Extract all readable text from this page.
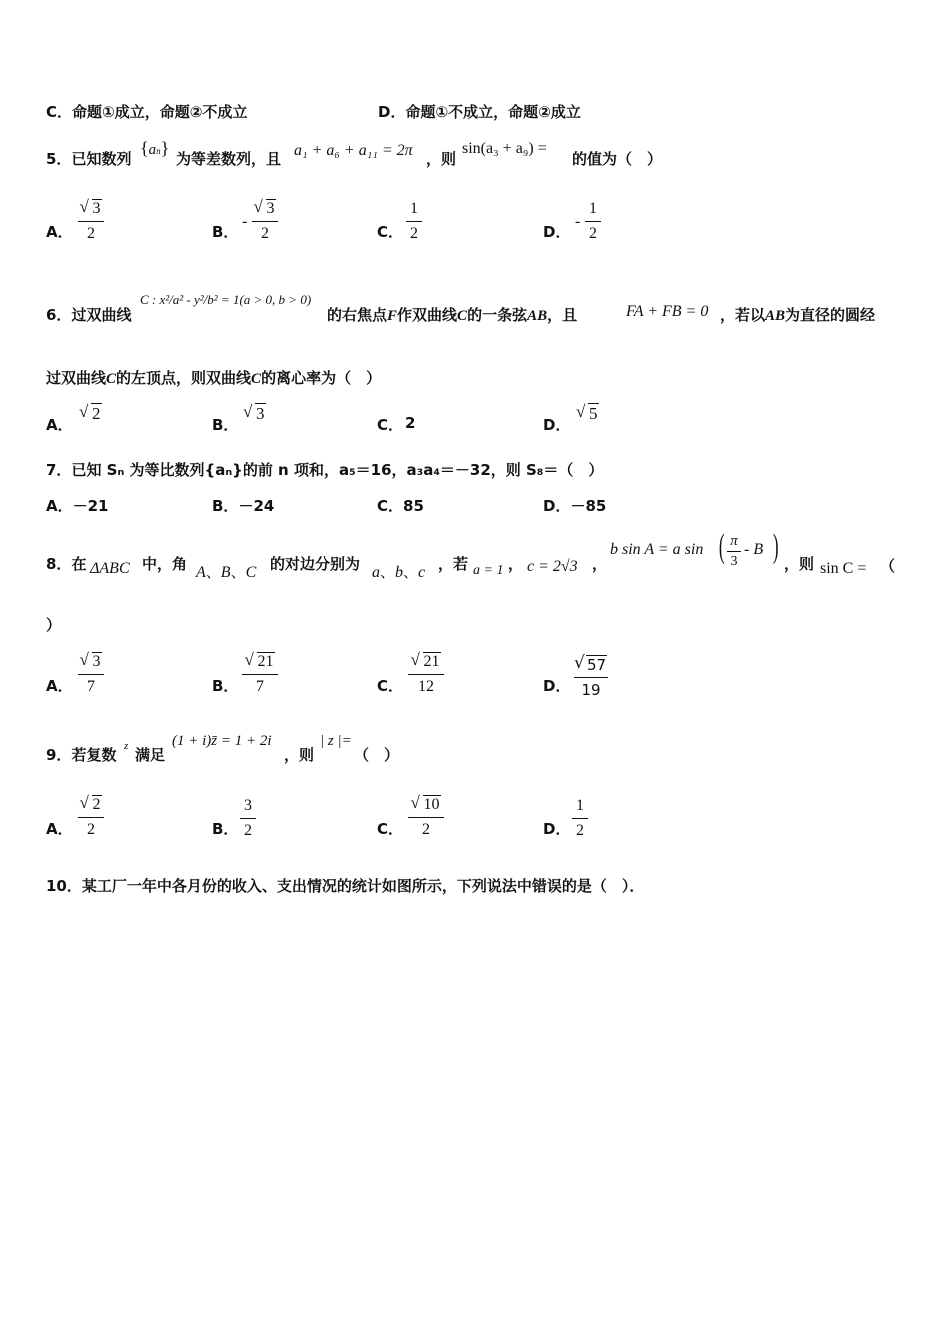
C．命题①成立，命题②不成立	D．命题①不成立，命题②成立
5．已知数列
{an}
为等差数列，且 a₁ + a₆ + a₁₁ = 2π ，则
sin(a₃ + a₉) =
的值为（　）
A．
√ 3
2	B．
-
√ 3
2	C．
1
2	D．
-
1
2
6．过双曲线
C : x²/a² - y²/b² = 1(a > 0, b > 0)
的右焦点F作双曲线C的一条弦AB，且	FA + FB = 0 ，若以AB为直径的圆经
过双曲线C的左顶点，则双曲线C的离心率为（　）
A．
√ 2
B．
√ 3
C． 2	D．
√ 5
7．已知 Sₙ 为等比数列{aₙ}的前 n 项和，a₅＝16，a₃a₄＝－32，则 S₈＝（　）
A．－21	B．－24	C．85	D．－85
8．在 ΔABC 中，角 A、B、C 的对边分别为 a、b、c ，若 a = 1 ， c = 2√3 ，
b sin A = a sin ( π
3
- B ) ，则 sin C = （
）
A．
√ 3
7	B．
√ 21
7	C．
√ 21
12	D．
√ 57
19
9．若复数 z 满足
(1 + i)z̄ = 1 + 2i
，则
| z |=
（　）
A．
√ 2
2	B．
3
2	C．
√ 10
2	D．
1
2
10．某工厂一年中各月份的收入、支出情况的统计如图所示，下列说法中错误的是（　）．
